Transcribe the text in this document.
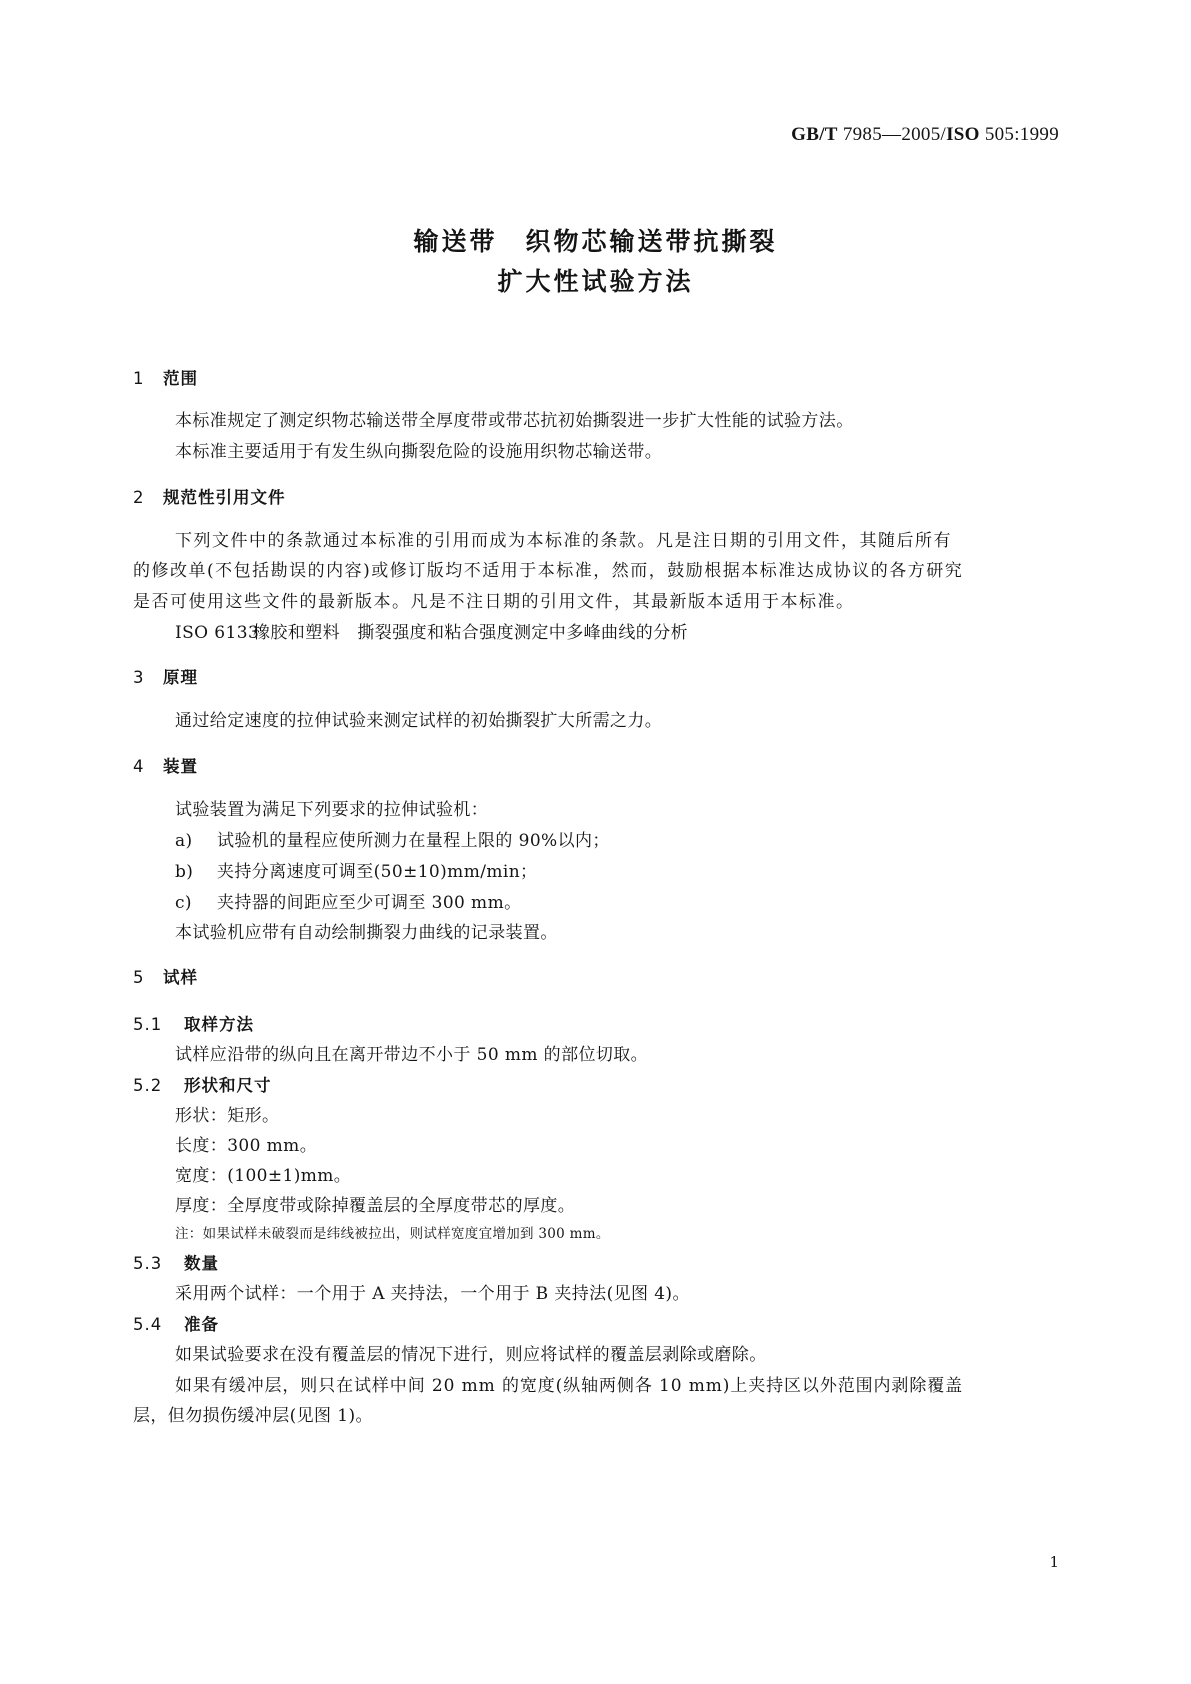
GB/T 7985—2005/ISO 505:1999
输送带　织物芯输送带抗撕裂
扩大性试验方法
1 范围
本标准规定了测定织物芯输送带全厚度带或带芯抗初始撕裂进一步扩大性能的试验方法。
本标准主要适用于有发生纵向撕裂危险的设施用织物芯输送带。
2 规范性引用文件
下列文件中的条款通过本标准的引用而成为本标准的条款。凡是注日期的引用文件，其随后所有
的修改单(不包括勘误的内容)或修订版均不适用于本标准，然而，鼓励根据本标准达成协议的各方研究
是否可使用这些文件的最新版本。凡是不注日期的引用文件，其最新版本适用于本标准。
ISO 6133橡胶和塑料　撕裂强度和粘合强度测定中多峰曲线的分析
3 原理
通过给定速度的拉伸试验来测定试样的初始撕裂扩大所需之力。
4 装置
试验装置为满足下列要求的拉伸试验机：
a) 试验机的量程应使所测力在量程上限的 90%以内；
b) 夹持分离速度可调至(50±10)mm/min；
c) 夹持器的间距应至少可调至 300 mm。
本试验机应带有自动绘制撕裂力曲线的记录装置。
5 试样
5.1 取样方法
试样应沿带的纵向且在离开带边不小于 50 mm 的部位切取。
5.2 形状和尺寸
形状：矩形。
长度：300 mm。
宽度：(100±1)mm。
厚度：全厚度带或除掉覆盖层的全厚度带芯的厚度。
注：如果试样未破裂而是纬线被拉出，则试样宽度宜增加到 300 mm。
5.3 数量
采用两个试样：一个用于 A 夹持法，一个用于 B 夹持法(见图 4)。
5.4 准备
如果试验要求在没有覆盖层的情况下进行，则应将试样的覆盖层剥除或磨除。
如果有缓冲层，则只在试样中间 20 mm 的宽度(纵轴两侧各 10 mm)上夹持区以外范围内剥除覆盖
层，但勿损伤缓冲层(见图 1)。
1
